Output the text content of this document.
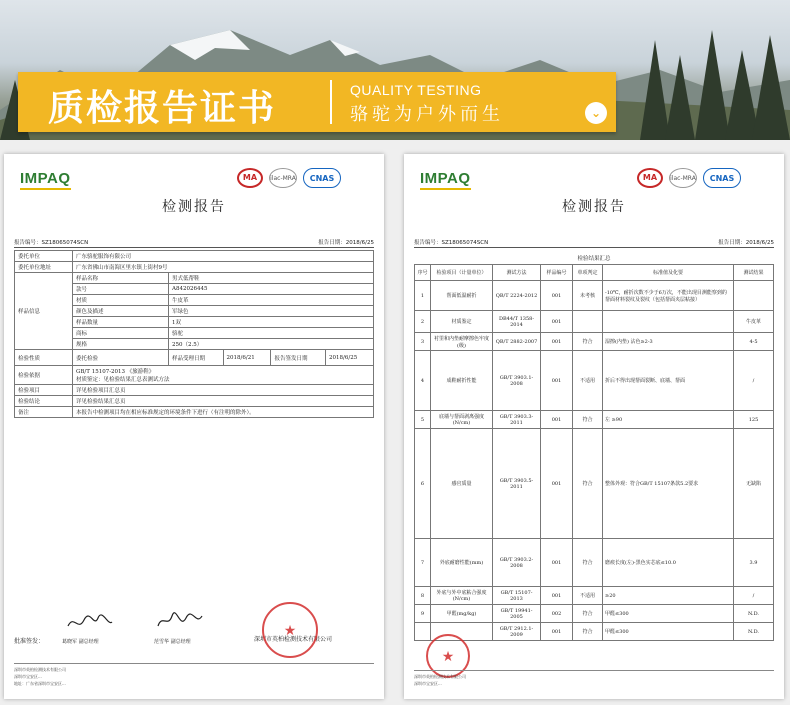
质检报告证书	QUALITY TESTING
骆驼为户外而生	⌄
IMPAQ	MA	ilac-MRA	CNAS
检测报告
报告编号：SZ18065074SCN	报告日期：2018/6/25
委托单位	广东骆驼服饰有限公司				
委托单位地址	广东省佛山市南海区里水镇上街村9号				
样品信息	样品名称	男式低帮鞋			
	款号	A842026445			
	材质	牛皮革			
	颜色及描述	军绿色			
	样品数量	1双			
	商标	骆驼			
	规格	250（2.5）			
检验性质	委托检验	样品受理日期	2018/6/21	报告签发日期	2018/6/25
检验依据	GB/T 15107-2013 《旅游鞋》
材质鉴定：见检验结果汇总表测试方法				

检验项目	详见检验项目汇总页				
检验结论	详见检验结果汇总页				
备注	本报告中检测项目均在相应标准规定的环境条件下进行（有注明的除外）。				
批准签发：	葛晓军 副总经理	范雪华 副总经理	深圳市英柏检测技术有限公司
★
深圳市英柏检测技术有限公司
深圳市宝安区...
地址：广东省深圳市宝安区...
IMPAQ	MA	ilac-MRA	CNAS
检测报告
报告编号：SZ18065074SCN	报告日期：2018/6/25
检验结果汇总
序号	检验项目（计量单位）	测试方法	样品编号	单项判定	标准值及化要	测试结果
1	帮面低温耐折	QB/T 2224-2012	001	未考核	-10℃，耐折次数不少于6万次，不能出现目测能察到的帮面材料裂纹及裂纹（包括帮面夹层粘接）	
2	材质鉴定	DB44/T 1358-2014	001			牛皮革
3	衬里和内垫耐摩擦色牢度(级)	QB/T 2882-2007	001	符合	湿擦(内垫) 沾色≥2-3	4-5
4	成鞋耐折性能	GB/T 3903.1-2008	001	不适用	折后不得出现帮面裂断、底墙、帮面	/
5	底墙与帮面剥离强度(N/cm)	GB/T 3903.3-2011	001	符合	左 ≥90	125
6	感官质量	GB/T 3903.5-2011	001	符合	整体外观：符合GB/T 15107条款5.2要求	无缺陷
7	外底耐磨性能(mm)	GB/T 3903.2-2008	001	符合	磨痕长度(左)-黑色实芯底≤10.0	3.9
8	外底与外中底粘合强度(N/cm)	GB/T 15107-2013	001	不适用	≥20	/
9	甲醛(mg/kg)	GB/T 19941-2005	002	符合	甲醛≤300	N.D.
		GB/T 2912.1-2009	001	符合	甲醛≤300	N.D.
★
深圳市英柏检测技术有限公司
深圳市宝安区...
